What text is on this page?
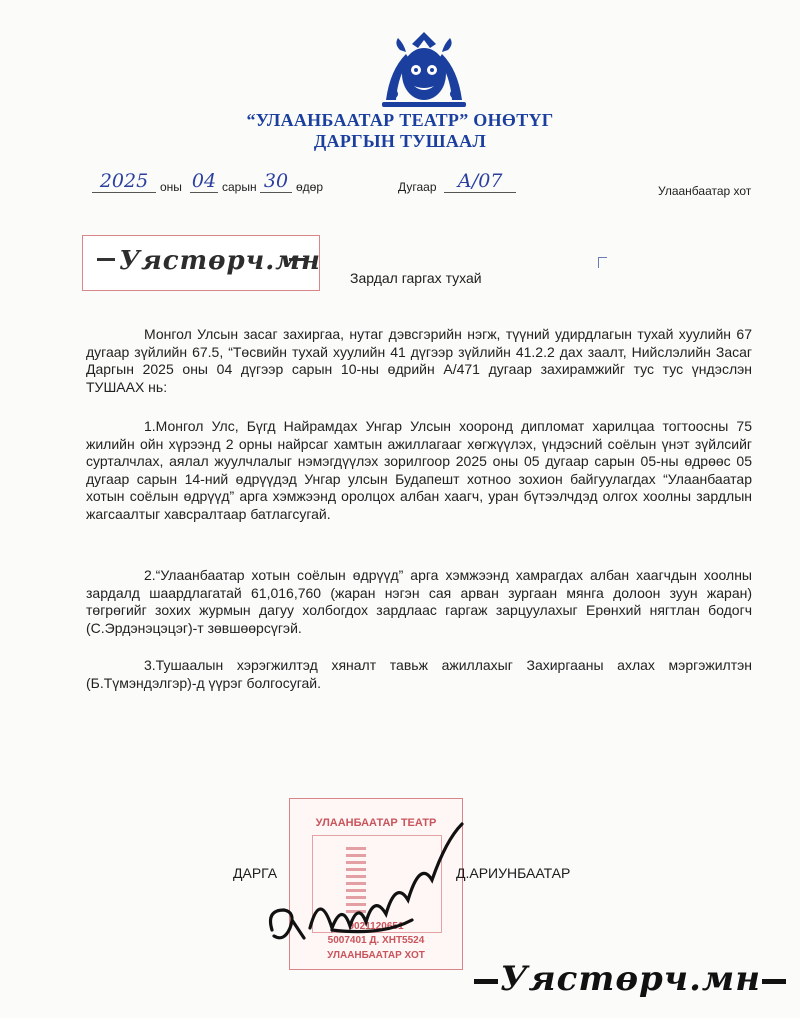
“УЛААНБААТАР ТЕАТР” ОНӨТҮГ
ДАРГЫН ТУШААЛ
2025 оны 04 сарын 30 өдөр	Дугаар	А/07	Улаанбаатар хот
Уястөрч.мн
Зардал гаргах тухай
Монгол Улсын засаг захиргаа, нутаг дэвсгэрийн нэгж, түүний удирдлагын тухай хуулийн 67 дугаар зүйлийн 67.5, “Төсвийн тухай хуулийн 41 дүгээр зүйлийн 41.2.2 дах заалт, Нийслэлийн Засаг Даргын 2025 оны 04 дүгээр сарын 10-ны өдрийн А/471 дугаар захирамжийг тус тус үндэслэн ТУШААХ нь:
1.Монгол Улс, Бүгд Найрамдах Унгар Улсын хооронд дипломат харилцаа тогтоосны 75 жилийн ойн хүрээнд 2 орны найрсаг хамтын ажиллагааг хөгжүүлэх, үндэсний соёлын үнэт зүйлсийг сурталчлах, аялал жуулчлалыг нэмэгдүүлэх зорилгоор 2025 оны 05 дугаар сарын 05-ны өдрөөс 05 дугаар сарын 14-ний өдрүүдэд Унгар улсын Будапешт хотноо зохион байгуулагдах “Улаанбаатар хотын соёлын өдрүүд” арга хэмжээнд оролцох албан хаагч, уран бүтээлчдэд олгох хоолны зардлын жагсаалтыг хавсралтаар батлагсугай.
2.“Улаанбаатар хотын соёлын өдрүүд” арга хэмжээнд хамрагдах албан хаагчдын хоолны зардалд шаардлагатай 61,016,760 (жаран нэгэн сая арван зургаан мянга долоон зуун жаран) төгрөгийг зохих журмын дагуу холбогдох зардлаас гаргаж зарцуулахыг Ерөнхий нягтлан бодогч (С.Эрдэнэцэцэг)-т зөвшөөрсүгэй.
3.Тушаалын хэрэгжилтэд хяналт тавьж ажиллахыг Захиргааны ахлах мэргэжилтэн (Б.Түмэндэлгэр)-д үүрэг болгосугай.
УЛААНБААТАР ТЕАТР
9021120651
5007401 Д. ХНТ5524
УЛААНБААТАР ХОТ
ДАРГА	Д.АРИУНБААТАР
Уястөрч.мн
